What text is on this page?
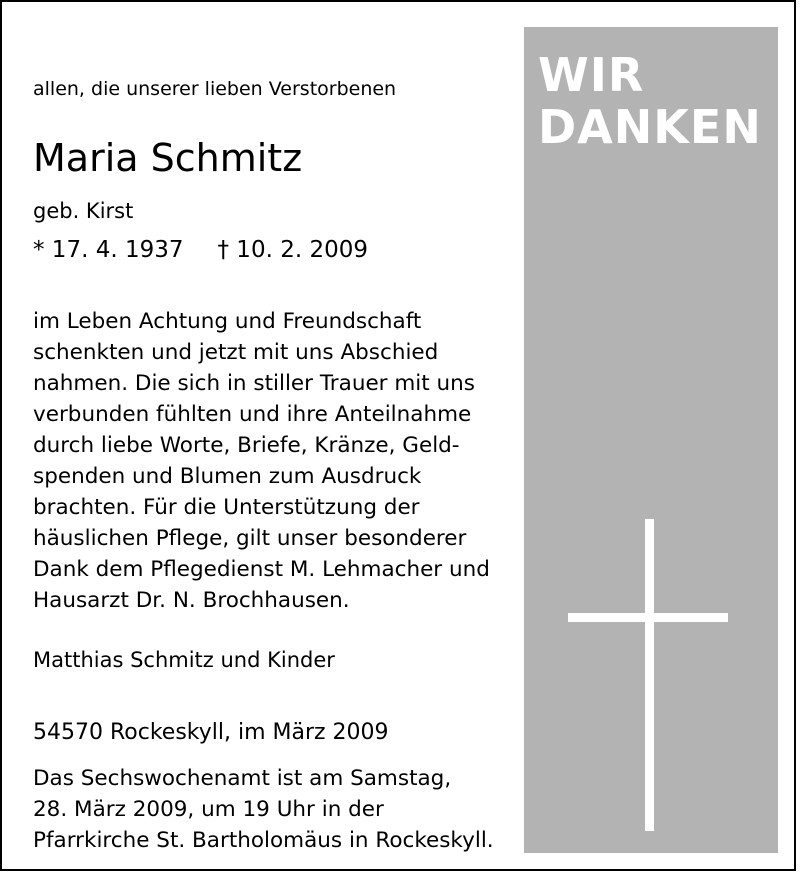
allen, die unserer lieben Verstorbenen
Maria Schmitz
geb. Kirst
* 17. 4. 1937 † 10. 2. 2009
im Leben Achtung und Freundschaft
schenkten und jetzt mit uns Abschied
nahmen. Die sich in stiller Trauer mit uns
verbunden fühlten und ihre Anteilnahme
durch liebe Worte, Briefe, Kränze, Geld-
spenden und Blumen zum Ausdruck
brachten. Für die Unterstützung der
häuslichen Pflege, gilt unser besonderer
Dank dem Pflegedienst M. Lehmacher und
Hausarzt Dr. N. Brochhausen.
Matthias Schmitz und Kinder
54570 Rockeskyll, im März 2009
Das Sechswochenamt ist am Samstag,
28. März 2009, um 19 Uhr in der
Pfarrkirche St. Bartholomäus in Rockeskyll.
WIR
DANKEN
